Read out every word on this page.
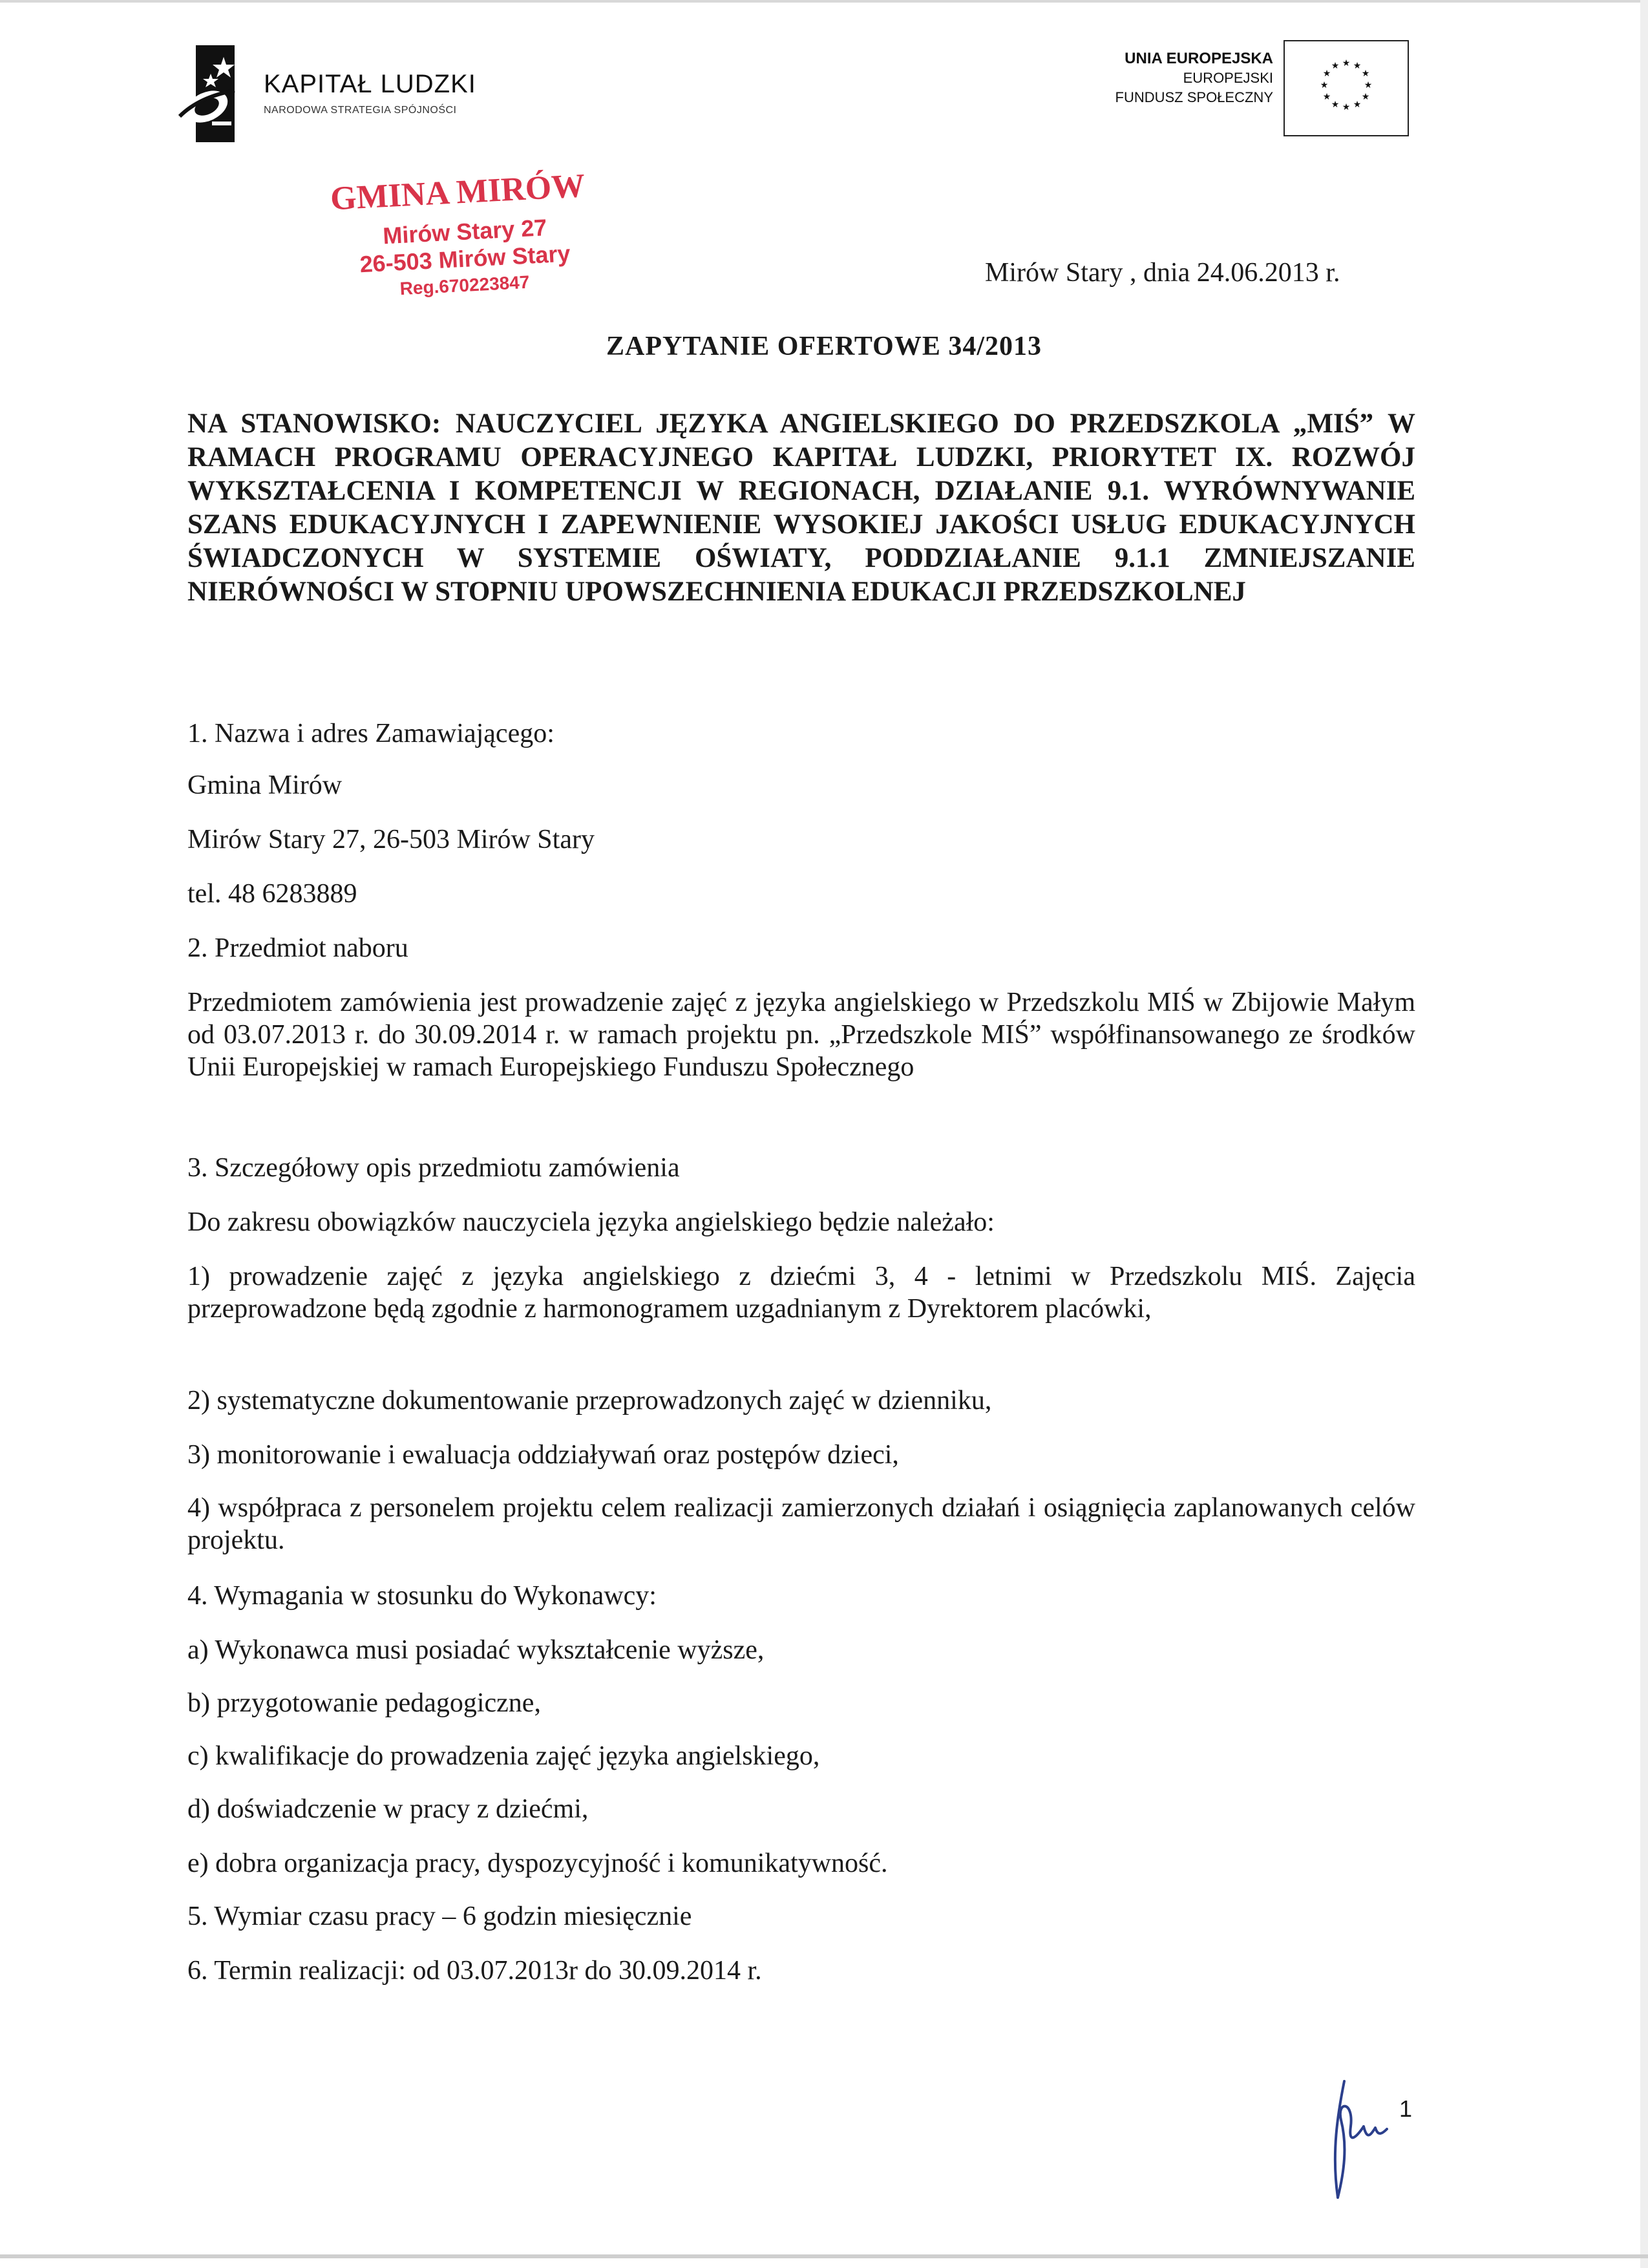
KAPITAŁ LUDZKI
NARODOWA STRATEGIA SPÓJNOŚCI
UNIA EUROPEJSKA
EUROPEJSKI
FUNDUSZ SPOŁECZNY
★ ★
★
★
★
★
★
★
★
★
★
★
GMINA MIRÓW
Mirów Stary 27
26-503 Mirów Stary
Reg.670223847	Mirów Stary , dnia 24.06.2013 r.
ZAPYTANIE OFERTOWE 34/2013
NA STANOWISKO: NAUCZYCIEL JĘZYKA ANGIELSKIEGO DO PRZEDSZKOLA „MIŚ” W RAMACH PROGRAMU OPERACYJNEGO KAPITAŁ LUDZKI, PRIORYTET IX. ROZWÓJ WYKSZTAŁCENIA I KOMPETENCJI W REGIONACH, DZIAŁANIE 9.1. WYRÓWNYWANIE SZANS EDUKACYJNYCH I ZAPEWNIENIE WYSOKIEJ JAKOŚCI USŁUG EDUKACYJNYCH ŚWIADCZONYCH W SYSTEMIE OŚWIATY, PODDZIAŁANIE 9.1.1 ZMNIEJSZANIE NIERÓWNOŚCI W STOPNIU UPOWSZECHNIENIA EDUKACJI PRZEDSZKOLNEJ
1. Nazwa i adres Zamawiającego:
Gmina Mirów
Mirów Stary 27, 26-503 Mirów Stary
tel. 48 6283889
2. Przedmiot naboru
Przedmiotem zamówienia jest prowadzenie zajęć z języka angielskiego w Przedszkolu MIŚ w Zbijowie Małym od 03.07.2013 r. do 30.09.2014 r. w ramach projektu pn. „Przedszkole MIŚ” współfinansowanego ze środków Unii Europejskiej w ramach Europejskiego Funduszu Społecznego
3. Szczegółowy opis przedmiotu zamówienia
Do zakresu obowiązków nauczyciela języka angielskiego będzie należało:
1) prowadzenie zajęć z języka angielskiego z dziećmi 3, 4 - letnimi w Przedszkolu MIŚ. Zajęcia przeprowadzone będą zgodnie z harmonogramem uzgadnianym z Dyrektorem placówki,
2) systematyczne dokumentowanie przeprowadzonych zajęć w dzienniku,
3) monitorowanie i ewaluacja oddziaływań oraz postępów dzieci,
4) współpraca z personelem projektu celem realizacji zamierzonych działań i osiągnięcia zaplanowanych celów projektu.
4. Wymagania w stosunku do Wykonawcy:
a) Wykonawca musi posiadać wykształcenie wyższe,
b) przygotowanie pedagogiczne,
c) kwalifikacje do prowadzenia zajęć języka angielskiego,
d) doświadczenie w pracy z dziećmi,
e) dobra organizacja pracy, dyspozycyjność i komunikatywność.
5. Wymiar czasu pracy – 6 godzin miesięcznie
6. Termin realizacji: od 03.07.2013r do 30.09.2014 r.
1
